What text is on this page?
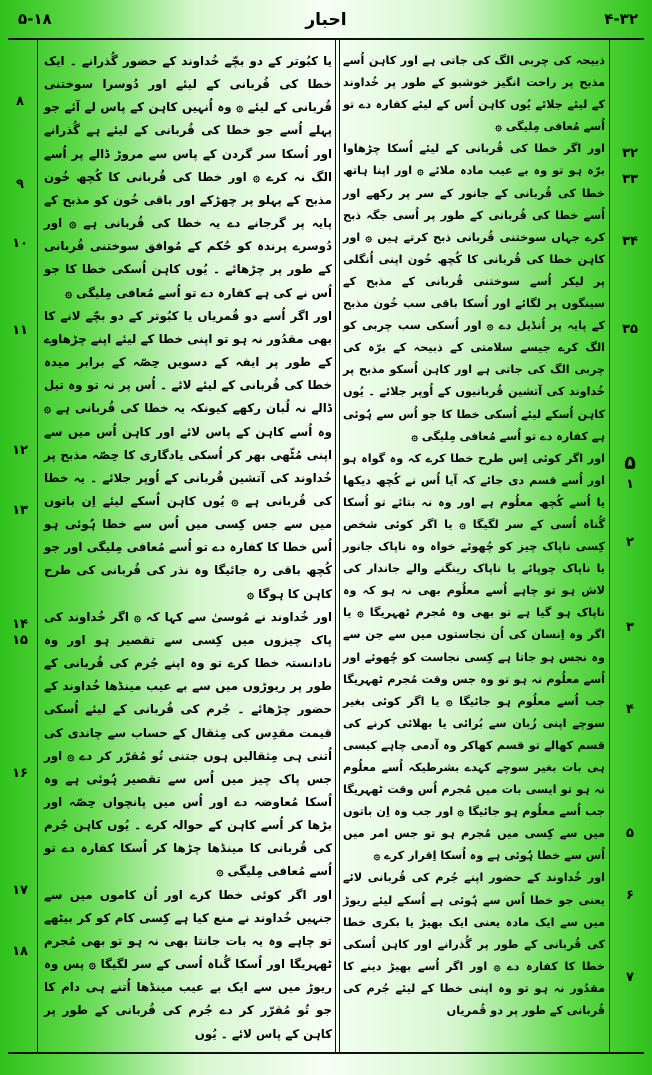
۵-۱۸	احبار	۴-۳۲

ذبیحہ کی چربی الگ کی جاتی ہے اور کاہن اُسے مذبح پر راحت انگیز خوشبو کے طور پر خُداوند کے لیئے جلائے یُوں کاہن اُس کے لیئے کفارہ دے تو اُسے مُعافی مِلیگی ۞

اور اگر خطا کی قُربانی کے لیئے اُسکا چڑھاوا برّہ ہو تو وہ بے عیب مادہ ملائے ۞ اور اپنا ہاتھ خطا کی قُربانی کے جانور کے سر پر رکھے اور اُسے خطا کی قُربانی کے طور پر اُسی جگہ ذبح کرے جہاں سوختنی قُربانی ذبح کرتے ہیں ۞ اور کاہن خطا کی قُربانی کا کُچھ خُون اپنی اُنگلی پر لیکر اُسے سوختنی قُربانی کے مذبح کے سینگوں پر لگائے اور اُسکا باقی سب خُون مذبح کے پایہ پر اُنڈیل دے ۞ اور اُسکی سب چربی کو الگ کرے جیسے سلامتی کے ذبیحہ کے برّہ کی چربی الگ کی جاتی ہے اور کاہن اُسکو مذبح پر خُداوند کی آتشین قُربانیوں کے اُوپر جلائے ۔ یُوں کاہن اُسکے لیئے اُسکی خطا کا جو اُس سے ہُوئی ہے کفارہ دے تو اُسے مُعافی مِلیگی ۞

اور اگر کوئی اِس طرح خطا کرے کہ وہ گواہ ہو اور اُسے قسم دی جائے کہ آیا اُس نے کُچھ دیکھا یا اُسے کُچھ معلُوم ہے اور وہ نہ بتائے تو اُسکا گُناہ اُسی کے سر لگیگا ۞ یا اگر کوئی شخص کِسی ناپاک چیز کو چُھوئے خواہ وہ ناپاک جانور یا ناپاک چوپائے یا ناپاک رینگنے والے جاندار کی لاش ہو تو چاہے اُسے معلُوم بھی نہ ہو کہ وہ ناپاک ہو گیا ہے تو بھی وہ مُجرم ٹھہریگا ۞ یا اگر وہ اِنسان کی اُن نجاستوں میں سے جن سے وہ نجس ہو جاتا ہے کِسی نجاست کو چُھوئے اور اُسے معلُوم نہ ہو تو وہ جس وقت مُجرم ٹھہریگا جب اُسے معلُوم ہو جائیگا ۞ یا اگر کوئی بغیر سوچے اپنی زُبان سے بُرائی یا بھلائی کرنے کی قسم کھالے تو قسم کھاکر وہ آدمی چاہے کیسی ہی بات بغیر سوچے کہدے بشرطیکہ اُسے معلُوم نہ ہو تو ایسی بات میں مُجرم اُس وقت ٹھہریگا جب اُسے معلُوم ہو جائیگا ۞ اور جب وہ اِن باتوں میں سے کِسی میں مُجرم ہو تو جس امر میں اُس سے خطا ہُوئی ہے وہ اُسکا اِقرار کرے ۞

اور خُداوند کے حضور اپنے جُرم کی قُربانی لائے یعنی جو خطا اُس سے ہُوئی ہے اُسکے لیئے ریوڑ میں سے ایک مادہ یعنی ایک بھیڑ یا بکری خطا کی قُربانی کے طور پر گُذرانے اور کاہن اُسکی خطا کا کفارہ دے ۞ اور اگر اُسے بھیڑ دینے کا مقدُور نہ ہو تو وہ اپنی خطا کے لیئے جُرم کی قُربانی کے طور پر دو قُمریاں

یا کبُوتر کے دو بچّے خُداوند کے حضور گُذرانے ۔ ایک خطا کی قُربانی کے لیئے اور دُوسرا سوختنی قُربانی کے لیئے ۞ وہ اُنہیں کاہن کے پاس لے آئے جو پہلے اُسے جو خطا کی قُربانی کے لیئے ہے گُذرانے اور اُسکا سر گردن کے پاس سے مروڑ ڈالے پر اُسے الگ نہ کرے ۞ اور خطا کی قُربانی کا کُچھ خُون مذبح کے پہلو پر چھڑکے اور باقی خُون کو مذبح کے پایہ پر گرجانے دے یہ خطا کی قُربانی ہے ۞ اور دُوسرے پرندہ کو حُکم کے مُوافق سوختنی قُربانی کے طور پر چڑھائے ۔ یُوں کاہن اُسکی خطا کا جو اُس نے کی ہے کفارہ دے تو اُسے مُعافی مِلیگی ۞

اور اگر اُسے دو قُمریاں یا کبُوتر کے دو بچّے لانے کا بھی مقدُور نہ ہو تو اپنی خطا کے لیئے اپنے چڑھاوے کے طور پر ایفہ کے دسویں حِصّہ کے برابر میدہ خطا کی قُربانی کے لیئے لائے ۔ اُس پر نہ تو وہ تیل ڈالے نہ لُبان رکھے کیونکہ یہ خطا کی قُربانی ہے ۞ وہ اُسے کاہن کے پاس لائے اور کاہن اُس میں سے اپنی مُٹّھی بھر کر اُسکی یادگاری کا حِصّہ مذبح پر خُداوند کی آتشین قُربانی کے اُوپر جلائے ۔ یہ خطا کی قُربانی ہے ۞ یُوں کاہن اُسکے لیئے اِن باتوں میں سے جس کِسی میں اُس سے خطا ہُوئی ہو اُس خطا کا کفارہ دے تو اُسے مُعافی مِلیگی اور جو کُچھ باقی رہ جائیگا وہ نذر کی قُربانی کی طرح کاہن کا ہوگا ۞

اور خُداوند نے مُوسیٰ سے کہا کہ ۞ اگر خُداوند کی پاک چیزوں میں کِسی سے تقصیر ہو اور وہ نادانستہ خطا کرے تو وہ اپنے جُرم کی قُربانی کے طور پر ریوڑوں میں سے بے عیب مینڈھا خُداوند کے حضور چڑھائے ۔ جُرم کی قُربانی کے لیئے اُسکی قیمت مقدِس کی مِثقال کے حساب سے چاندی کی اُتنی ہی مِثقالیں ہوں جتنی تُو مُقرّر کر دے ۞ اور جس پاک چیز میں اُس سے تقصیر ہُوئی ہے وہ اُسکا مُعاوضہ دے اور اُس میں پانچواں حِصّہ اور بڑھا کر اُسے کاہن کے حوالہ کرے ۔ یُوں کاہن جُرم کی قُربانی کا مینڈھا چڑھا کر اُسکا کفارہ دے تو اُسے مُعافی مِلیگی ۞

اور اگر کوئی خطا کرے اور اُن کاموں میں سے جنہیں خُداوند نے منع کیا ہے کِسی کام کو کر بیٹھے تو چاہے وہ یہ بات جانتا بھی نہ ہو تو بھی مُجرم ٹھہریگا اور اُسکا گُناہ اُسی کے سر لگیگا ۞ پس وہ ریوڑ میں سے ایک بے عیب مینڈھا اُتنے ہی دام کا جو تُو مُقرّر کر دے جُرم کی قُربانی کے طور پر کاہن کے پاس لائے ۔ یُوں

۳۲
۳۳
۳۴
۳۵
۵
۱
۲
۳
۴
۵
۶
۷
۸
۹
۱۰
۱۱
۱۲
۱۳
۱۴
۱۵
۱۶
۱۷
۱۸
